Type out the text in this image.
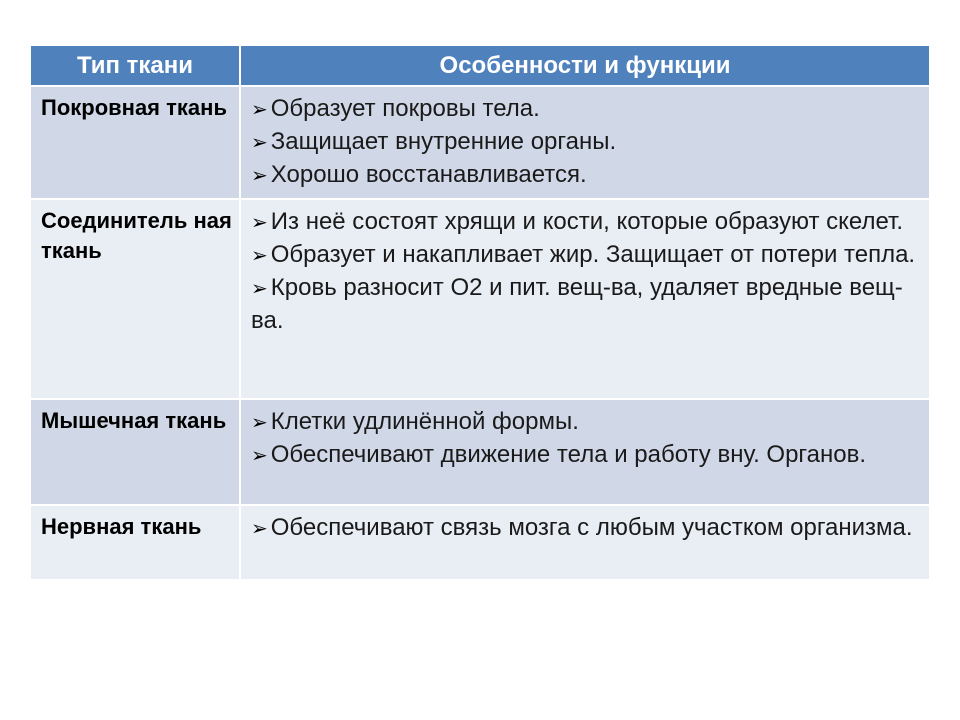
Тип ткани	Особенности и функции
Покровная ткань	➢ Образует покровы тела.
➢ Защищает внутренние органы.
➢ Хорошо восстанавливается.

Соединитель ная ткань	➢ Из неё состоят хрящи и кости, которые образуют скелет.
➢ Образует и накапливает жир. Защищает от потери тепла.
➢ Кровь разносит О2 и пит. вещ-ва, удаляет вредные вещ-ва.

Мышечная ткань	➢ Клетки удлинённой формы.
➢ Обеспечивают движение тела и работу вну. Органов.

Нервная ткань	➢ Обеспечивают связь мозга с любым участком организма.
